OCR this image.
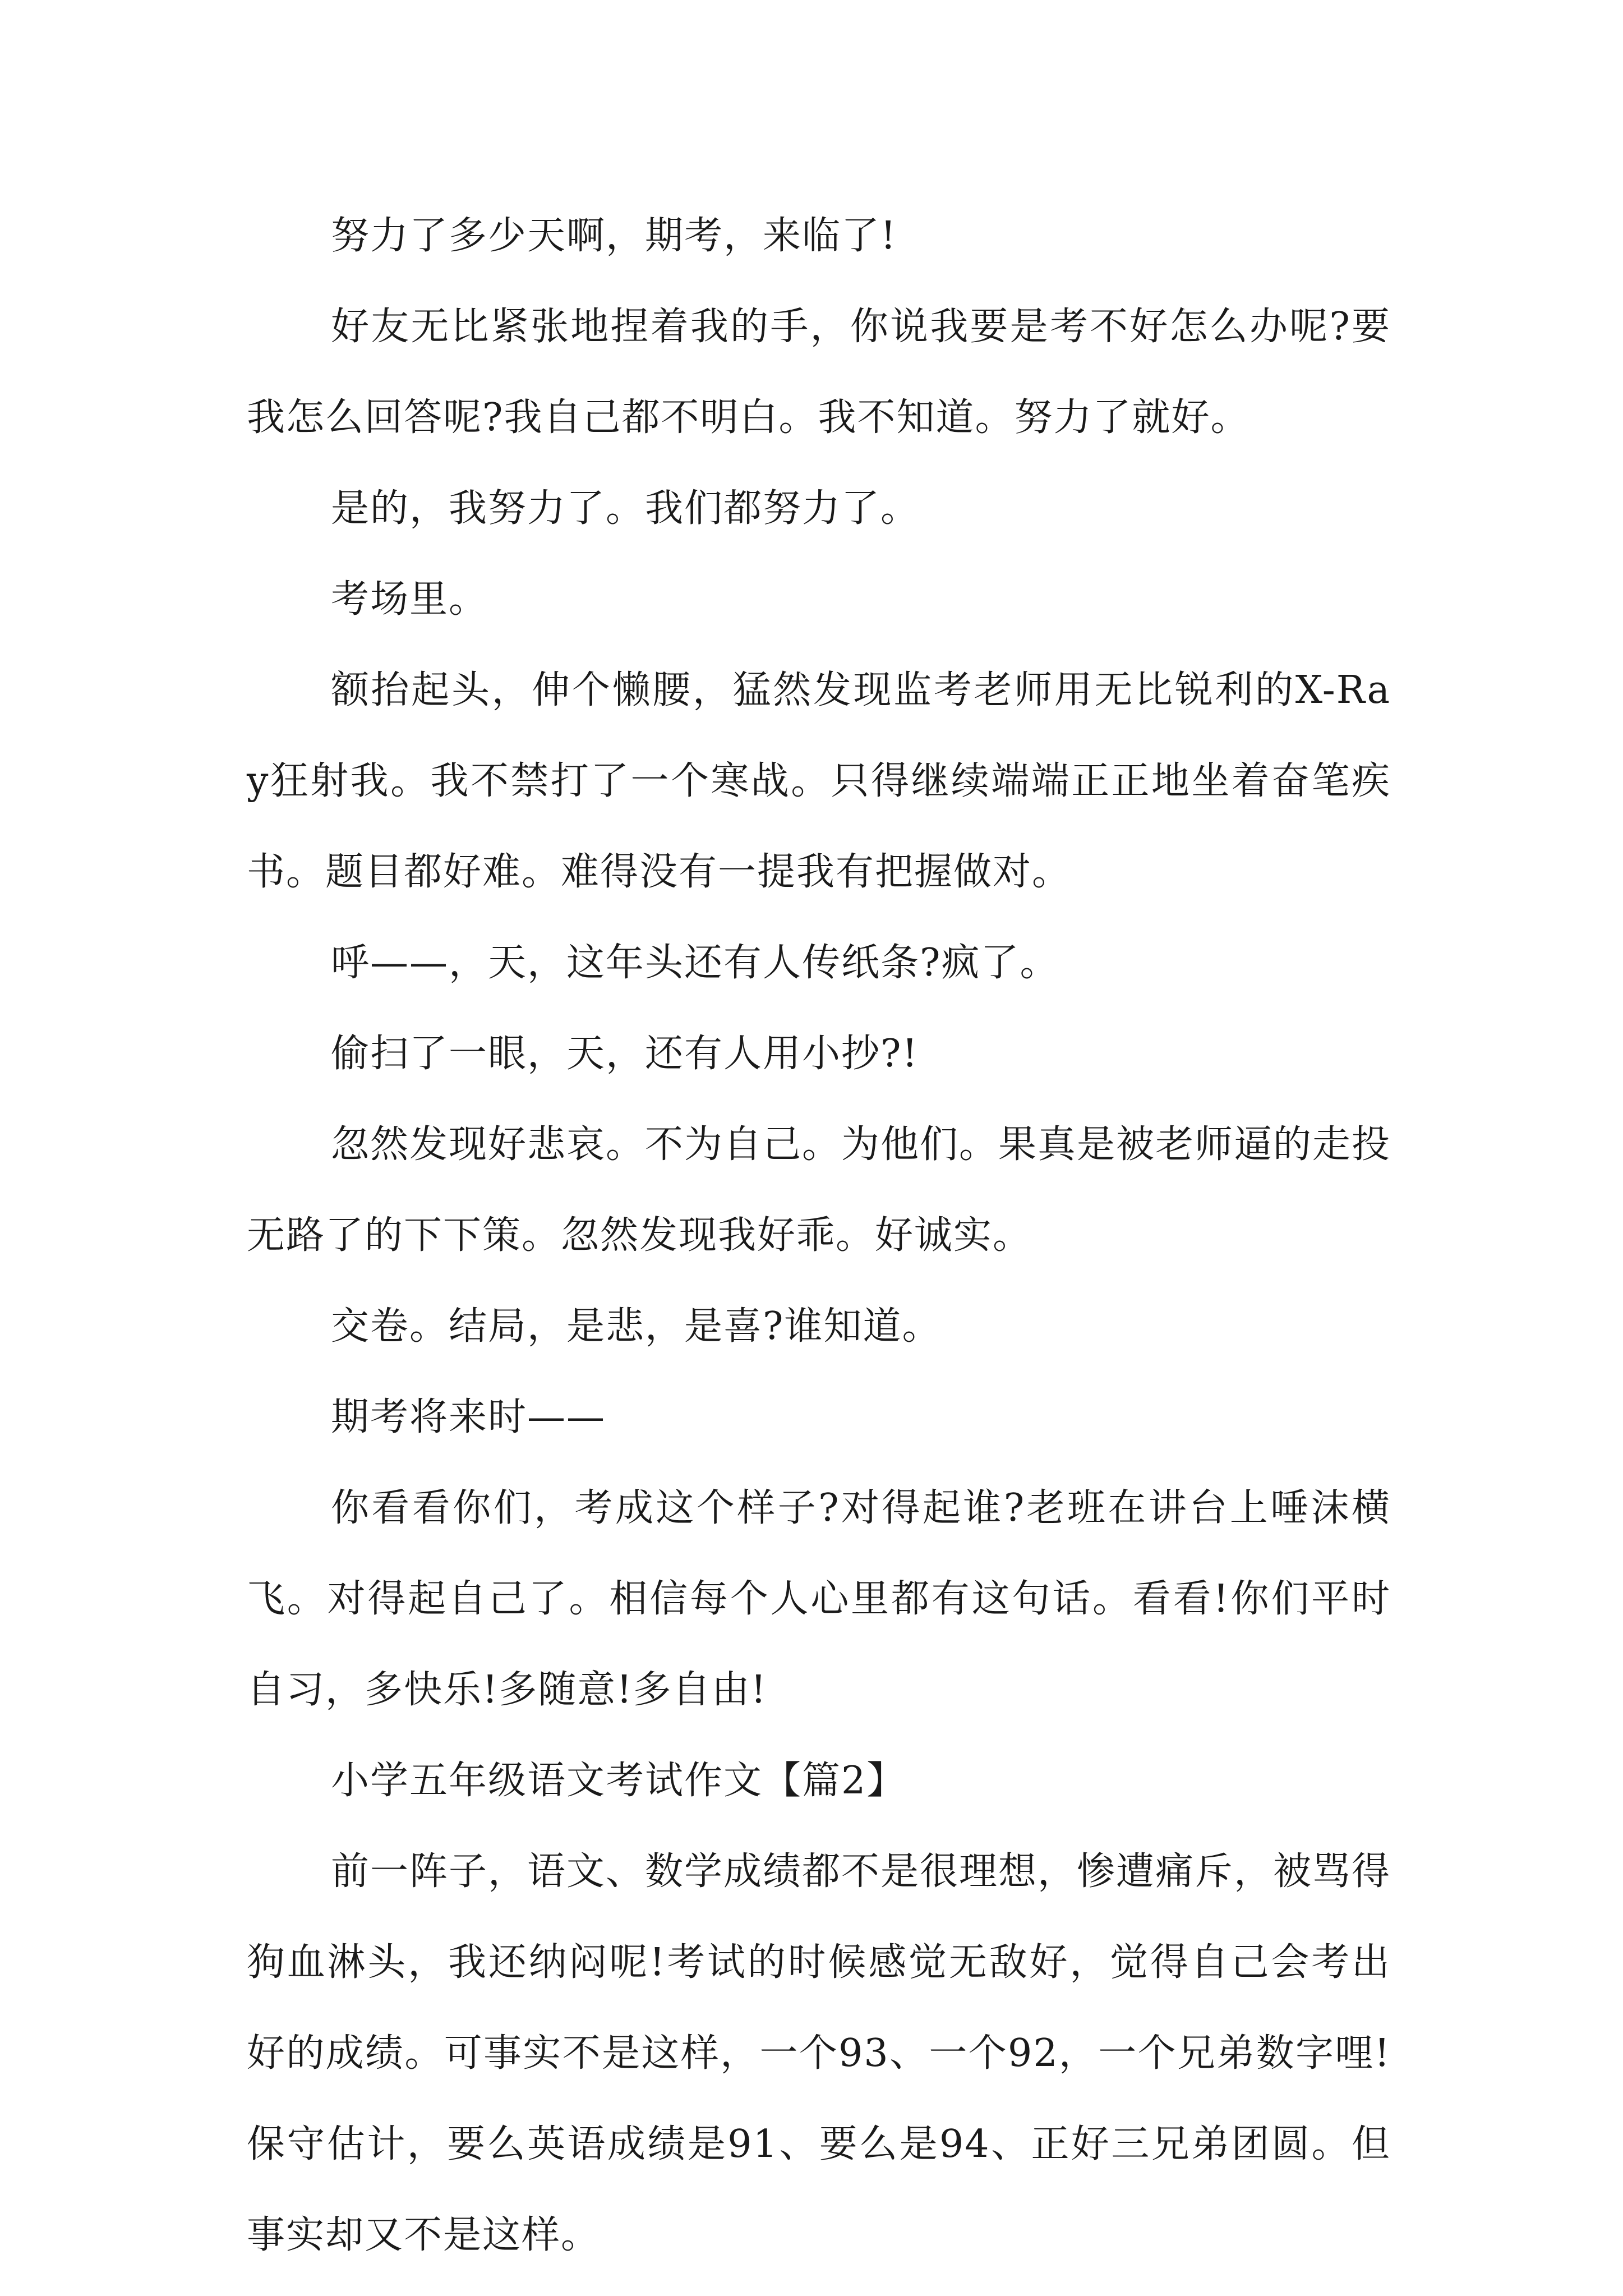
努力了多少天啊，期考，来临了!

好友无比紧张地捏着我的手，你说我要是考不好怎么办呢?要我怎么回答呢?我自己都不明白。我不知道。努力了就好。

是的，我努力了。我们都努力了。

考场里。

额抬起头，伸个懒腰，猛然发现监考老师用无比锐利的X-Ray狂射我。我不禁打了一个寒战。只得继续端端正正地坐着奋笔疾书。题目都好难。难得没有一提我有把握做对。

呼——，天，这年头还有人传纸条?疯了。

偷扫了一眼，天，还有人用小抄?!

忽然发现好悲哀。不为自己。为他们。果真是被老师逼的走投无路了的下下策。忽然发现我好乖。好诚实。

交卷。结局，是悲，是喜?谁知道。

期考将来时——

你看看你们，考成这个样子?对得起谁?老班在讲台上唾沫横飞。对得起自己了。相信每个人心里都有这句话。看看!你们平时自习，多快乐!多随意!多自由!

小学五年级语文考试作文【篇2】

前一阵子，语文、数学成绩都不是很理想，惨遭痛斥，被骂得狗血淋头，我还纳闷呢!考试的时候感觉无敌好，觉得自己会考出好的成绩。可事实不是这样，一个93、一个92，一个兄弟数字哩!保守估计，要么英语成绩是91、要么是94、正好三兄弟团圆。但事实却又不是这样。
